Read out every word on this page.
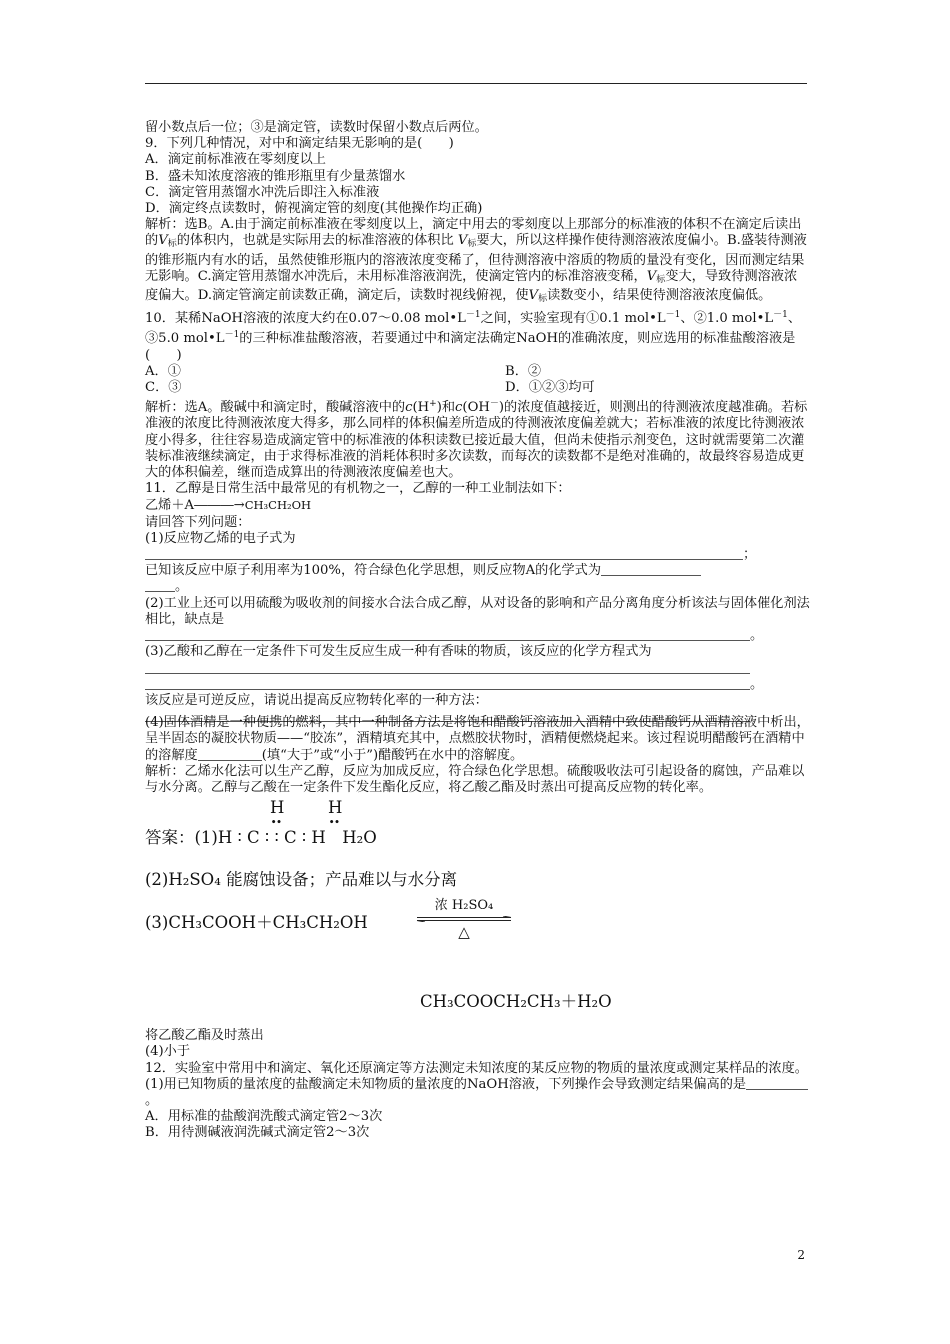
留小数点后一位；③是滴定管，读数时保留小数点后两位。

9．下列几种情况，对中和滴定结果无影响的是(　　)

A．滴定前标准液在零刻度以上

B．盛未知浓度溶液的锥形瓶里有少量蒸馏水

C．滴定管用蒸馏水冲洗后即注入标准液

D．滴定终点读数时，俯视滴定管的刻度(其他操作均正确)

解析：选B。A.由于滴定前标准液在零刻度以上，滴定中用去的零刻度以上那部分的标准液的体积不在滴定后读出的$V_标$的体积内，也就是实际用去的标准溶液的体积比 $V_标$要大，所以这样操作使待测溶液浓度偏小。B.盛装待测液的锥形瓶内有水的话，虽然使锥形瓶内的溶液浓度变稀了，但待测溶液中溶质的物质的量没有变化，因而测定结果无影响。C.滴定管用蒸馏水冲洗后，未用标准溶液润洗，使滴定管内的标准溶液变稀，$V_标$变大，导致待测溶液浓度偏大。D.滴定管滴定前读数正确，滴定后，读数时视线俯视，使$V_标$读数变小，结果使待测溶液浓度偏低。

10．某稀NaOH溶液的浓度大约在0.07～0.08 $mol•L^{-1}$之间，实验室现有①0.1 $mol•L^{-1}$、②1.0 $mol•L^{-1}$、③5.0 $mol•L^{-1}$的三种标准盐酸溶液，若要通过中和滴定法确定NaOH的准确浓度，则应选用的标准盐酸溶液是(　　)

A．①	B．②
C．③	D．①②③均可

解析：选A。酸碱中和滴定时，酸碱溶液中的c(H+)和c(OH－)的浓度值越接近，则测出的待测液浓度越准确。若标准液的浓度比待测液浓度大得多，那么同样的体积偏差所造成的待测液浓度偏差就大；若标准液的浓度比待测液浓度小得多，往往容易造成滴定管中的标准液的体积读数已接近最大值，但尚未使指示剂变色，这时就需要第二次灌装标准液继续滴定，由于求得标准液的消耗体积时多次读数，而每次的读数都不是绝对准确的，故最终容易造成更大的体积偏差，继而造成算出的待测液浓度偏差也大。

11．乙醇是日常生活中最常见的有机物之一，乙醇的一种工业制法如下：

乙烯＋A―――→CH₃CH₂OH

请回答下列问题：

(1)反应物乙烯的电子式为

；

已知该反应中原子利用率为100%，符合绿色化学思想，则反应物A的化学式为
。

(2)工业上还可以用硫酸为吸收剂的间接水合法合成乙醇，从对设备的影响和产品分离角度分析该法与固体催化剂法相比，缺点是

。

(3)乙酸和乙醇在一定条件下可发生反应生成一种有香味的物质，该反应的化学方程式为

。

该反应是可逆反应，请说出提高反应物转化率的一种方法：

(4)固体酒精是一种便携的燃料，其中一种制备方法是将饱和醋酸钙溶液加入酒精中致使醋酸钙从酒精溶液中析出，呈半固态的凝胶状物质——“胶冻”，酒精填充其中，点燃胶状物时，酒精便燃烧起来。该过程说明醋酸钙在酒精中的溶解度	(填“大于”或“小于”)醋酸钙在水中的溶解度。

解析：乙烯水化法可以生产乙醇，反应为加成反应，符合绿色化学思想。硫酸吸收法可引起设备的腐蚀，产品难以与水分离。乙醇与乙酸在一定条件下发生酯化反应，将乙酸乙酯及时蒸出可提高反应物的转化率。

H	H
∙∙	∙∙
答案：(1)H ∶ C ∶ ∶ C ∶ H　H₂O
(2)H₂SO₄ 能腐蚀设备；产品难以与水分离
(3)CH₃COOH＋CH₃CH₂OH
浓 H₂SO₄
△
CH₃COOCH₂CH₃＋H₂O

将乙酸乙酯及时蒸出

(4)小于

12．实验室中常用中和滴定、氧化还原滴定等方法测定未知浓度的某反应物的物质的量浓度或测定某样品的浓度。

(1)用已知物质的量浓度的盐酸滴定未知物质的量浓度的NaOH溶液，下列操作会导致测定结果偏高的是。

A．用标准的盐酸润洗酸式滴定管2～3次

B．用待测碱液润洗碱式滴定管2～3次

2
